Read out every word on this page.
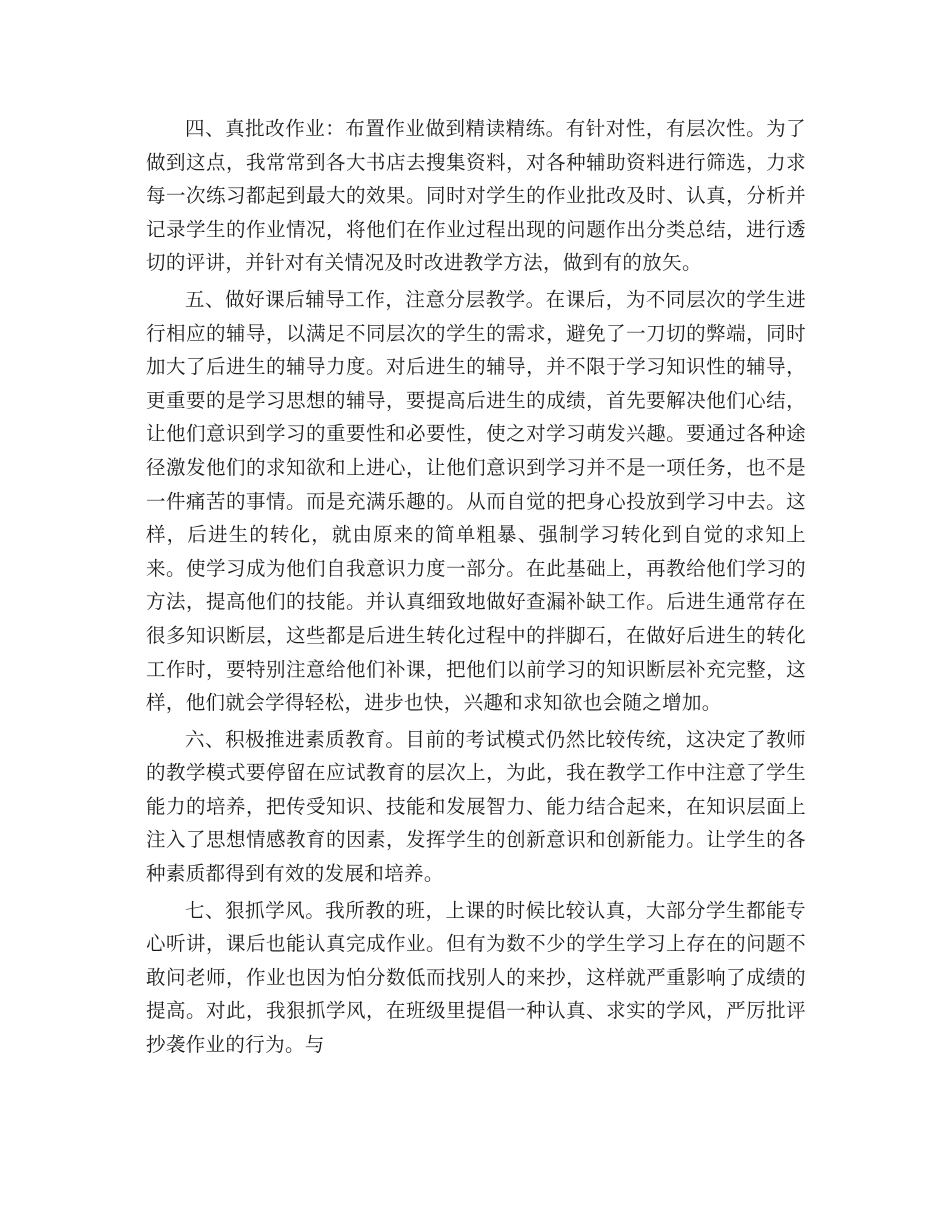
四、真批改作业：布置作业做到精读精练。有针对性，有层次性。为了做到这点，我常常到各大书店去搜集资料，对各种辅助资料进行筛选，力求每一次练习都起到最大的效果。同时对学生的作业批改及时、认真，分析并记录学生的作业情况，将他们在作业过程出现的问题作出分类总结，进行透切的评讲，并针对有关情况及时改进教学方法，做到有的放矢。

五、做好课后辅导工作，注意分层教学。在课后，为不同层次的学生进行相应的辅导，以满足不同层次的学生的需求，避免了一刀切的弊端，同时加大了后进生的辅导力度。对后进生的辅导，并不限于学习知识性的辅导，更重要的是学习思想的辅导，要提高后进生的成绩，首先要解决他们心结，让他们意识到学习的重要性和必要性，使之对学习萌发兴趣。要通过各种途径激发他们的求知欲和上进心，让他们意识到学习并不是一项任务，也不是一件痛苦的事情。而是充满乐趣的。从而自觉的把身心投放到学习中去。这样，后进生的转化，就由原来的简单粗暴、强制学习转化到自觉的求知上来。使学习成为他们自我意识力度一部分。在此基础上，再教给他们学习的方法，提高他们的技能。并认真细致地做好查漏补缺工作。后进生通常存在很多知识断层，这些都是后进生转化过程中的拌脚石，在做好后进生的转化工作时，要特别注意给他们补课，把他们以前学习的知识断层补充完整，这样，他们就会学得轻松，进步也快，兴趣和求知欲也会随之增加。

六、积极推进素质教育。目前的考试模式仍然比较传统，这决定了教师的教学模式要停留在应试教育的层次上，为此，我在教学工作中注意了学生能力的培养，把传受知识、技能和发展智力、能力结合起来，在知识层面上注入了思想情感教育的因素，发挥学生的创新意识和创新能力。让学生的各种素质都得到有效的发展和培养。

七、狠抓学风。我所教的班，上课的时候比较认真，大部分学生都能专心听讲，课后也能认真完成作业。但有为数不少的学生学习上存在的问题不敢问老师，作业也因为怕分数低而找别人的来抄，这样就严重影响了成绩的提高。对此，我狠抓学风，在班级里提倡一种认真、求实的学风，严厉批评抄袭作业的行为。与
